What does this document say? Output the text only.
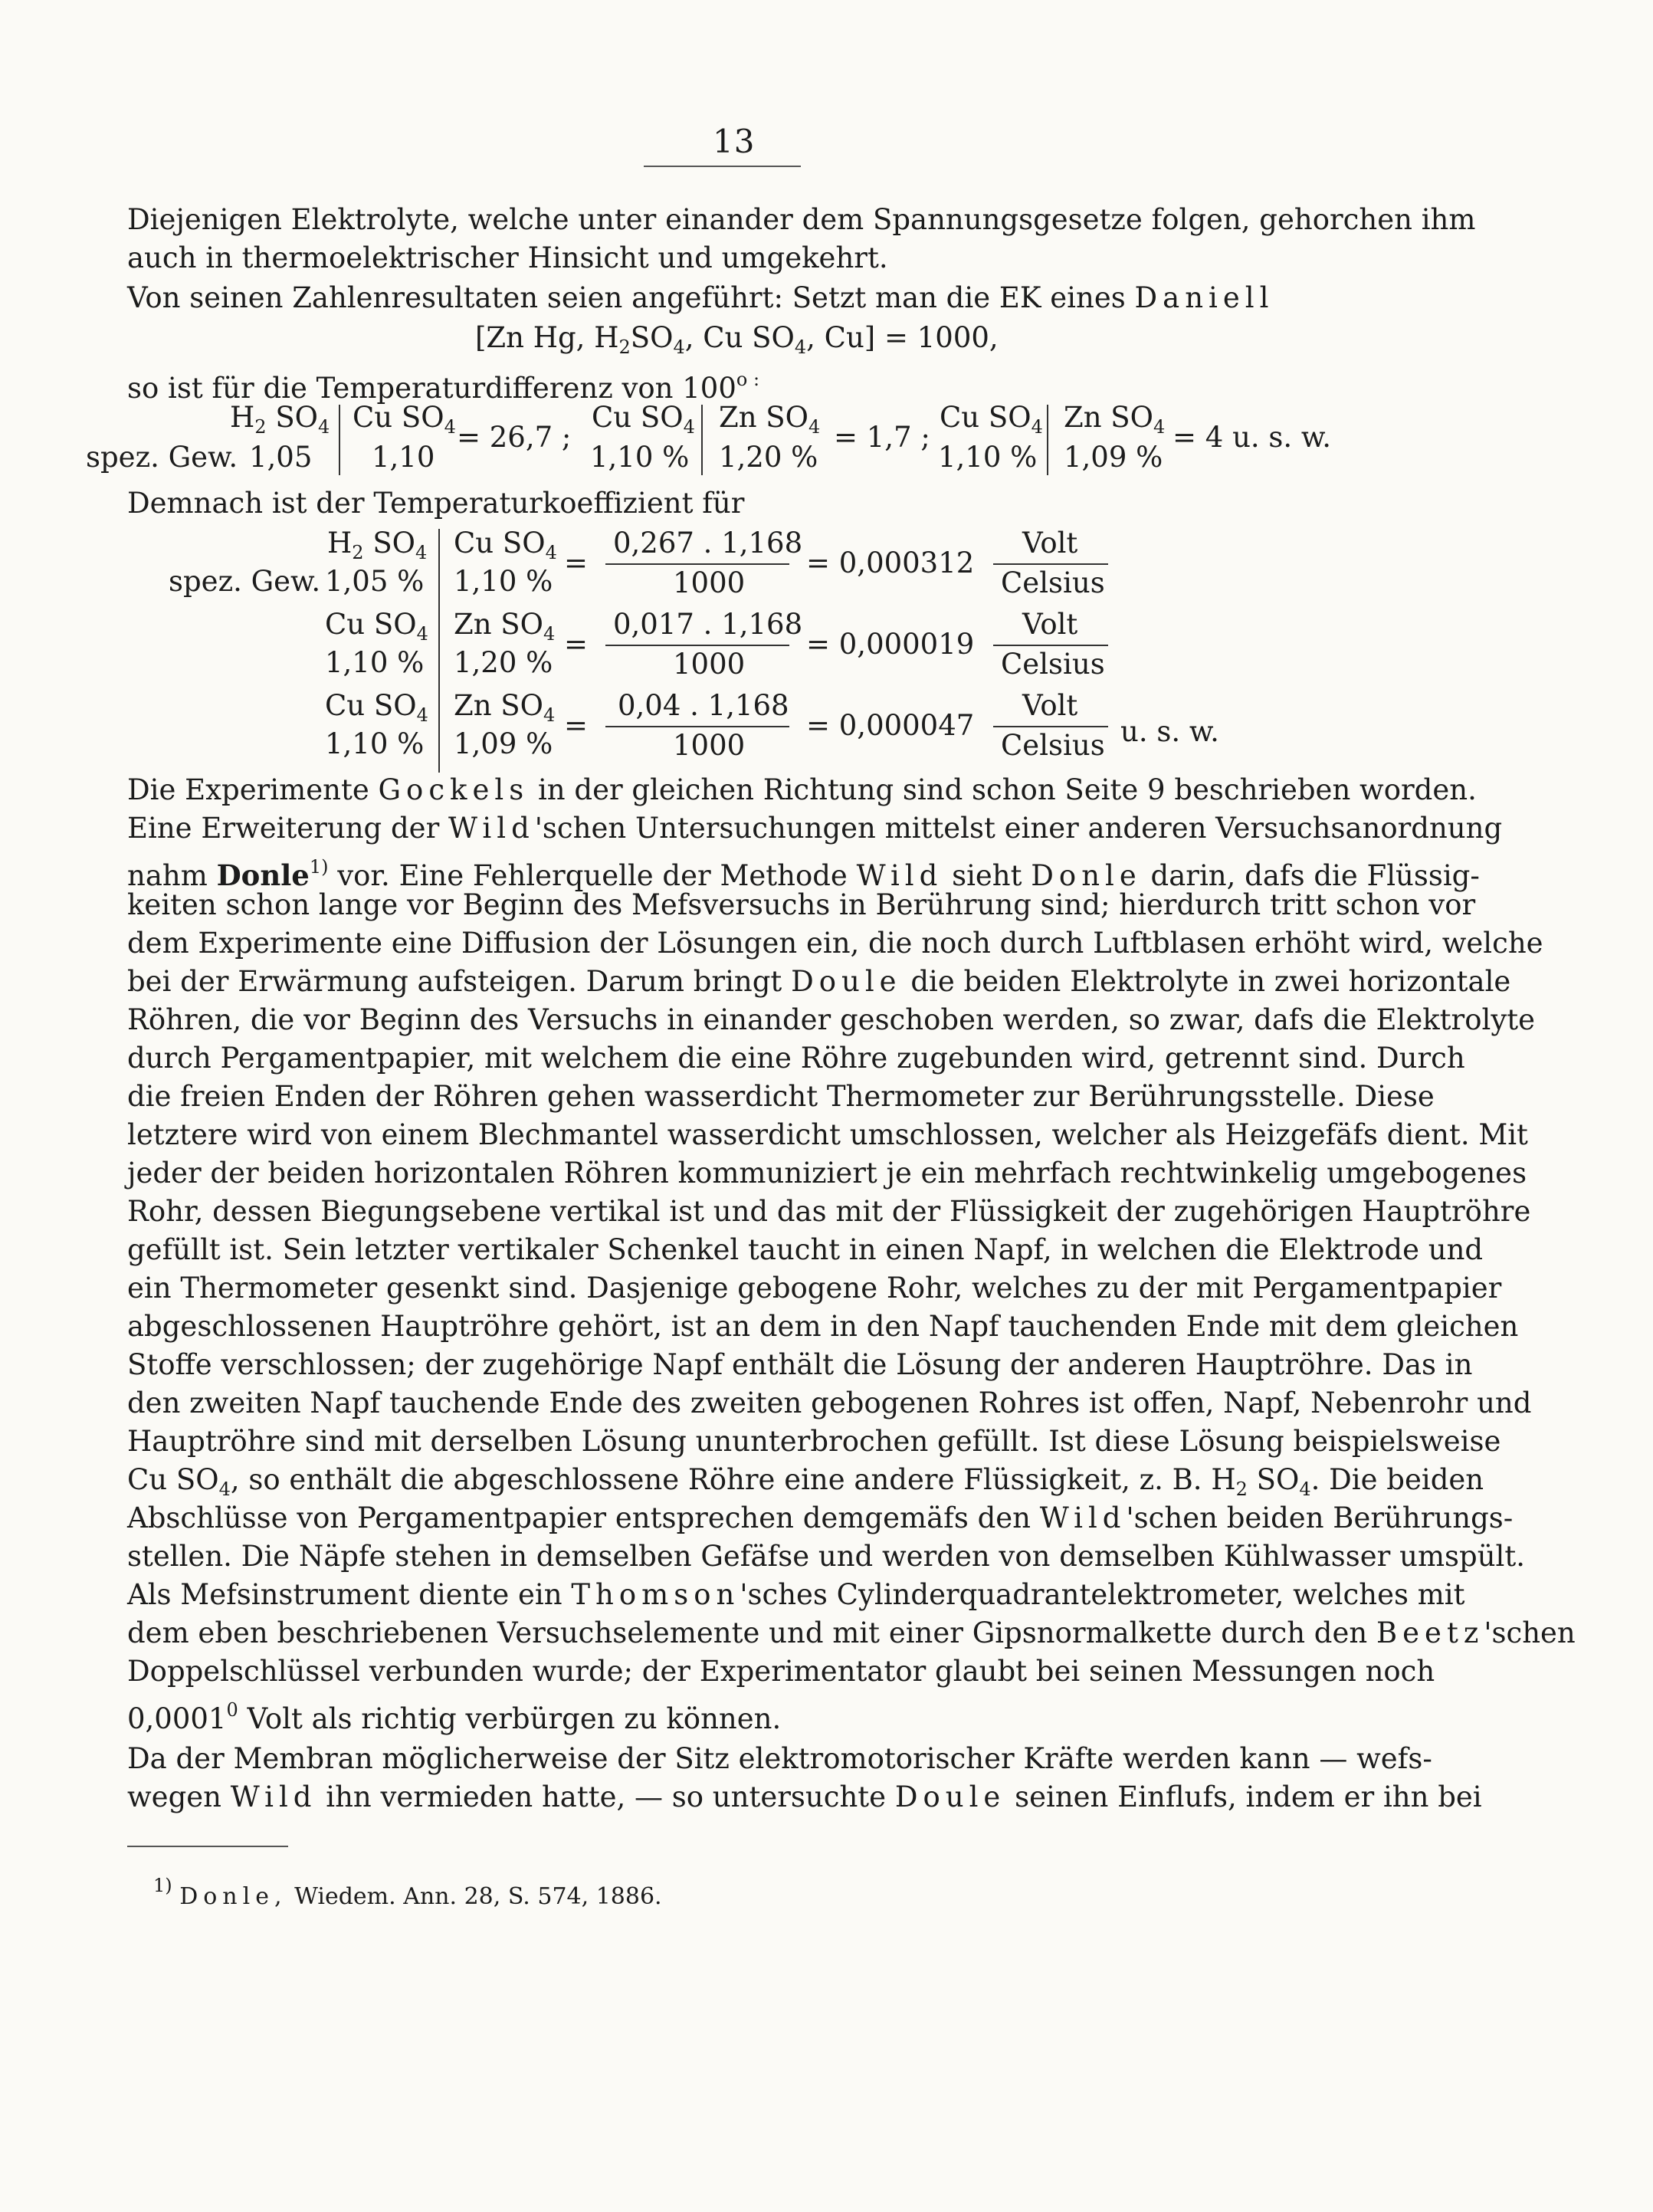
13
Diejenigen Elektrolyte, welche unter einander dem Spannungsgesetze folgen, gehorchen ihm
auch in thermoelektrischer Hinsicht und umgekehrt.
Von seinen Zahlenresultaten seien angeführt: Setzt man die EK eines Daniell
[Zn Hg, $H_2SO_4$, Cu $SO_4$, Cu] = 1000,
so ist für die Temperaturdifferenz von $100^{o :}$
$H_2$ $SO_4$
spez. Gew. 1,05
Cu $SO_4$
1,10
= 26,7 ;
Cu $SO_4$
1,10 %
Zn $SO_4$
1,20 %
= 1,7 ;
Cu $SO_4$
1,10 %
Zn $SO_4$
1,09 %
= 4 u. s. w.
Demnach ist der Temperaturkoeffizient für
$H_2$ $SO_4$
spez. Gew. 1,05 %
Cu $SO_4$
1,10 %
=
0,267 . 1,168
1000
= 0,000312
Volt
Celsius
Cu $SO_4$
1,10 %
Zn $SO_4$
1,20 %
=
0,017 . 1,168
1000
= 0,000019
Volt
Celsius
Cu $SO_4$
1,10 %
Zn $SO_4$
1,09 %
=
0,04 . 1,168
1000
= 0,000047
Volt
Celsius u. s. w.
Die Experimente Gockels in der gleichen Richtung sind schon Seite 9 beschrieben worden.
Eine Erweiterung der Wild'schen Untersuchungen mittelst einer anderen Versuchsanordnung
nahm Donle$^{1)}$ vor. Eine Fehlerquelle der Methode Wild sieht Donle darin, dafs die Flüssig-
keiten schon lange vor Beginn des Mefsversuchs in Berührung sind; hierdurch tritt schon vor
dem Experimente eine Diffusion der Lösungen ein, die noch durch Luftblasen erhöht wird, welche
bei der Erwärmung aufsteigen. Darum bringt Doule die beiden Elektrolyte in zwei horizontale
Röhren, die vor Beginn des Versuchs in einander geschoben werden, so zwar, dafs die Elektrolyte
durch Pergamentpapier, mit welchem die eine Röhre zugebunden wird, getrennt sind. Durch
die freien Enden der Röhren gehen wasserdicht Thermometer zur Berührungsstelle. Diese
letztere wird von einem Blechmantel wasserdicht umschlossen, welcher als Heizgefäfs dient. Mit
jeder der beiden horizontalen Röhren kommuniziert je ein mehrfach rechtwinkelig umgebogenes
Rohr, dessen Biegungsebene vertikal ist und das mit der Flüssigkeit der zugehörigen Hauptröhre
gefüllt ist. Sein letzter vertikaler Schenkel taucht in einen Napf, in welchen die Elektrode und
ein Thermometer gesenkt sind. Dasjenige gebogene Rohr, welches zu der mit Pergamentpapier
abgeschlossenen Hauptröhre gehört, ist an dem in den Napf tauchenden Ende mit dem gleichen
Stoffe verschlossen; der zugehörige Napf enthält die Lösung der anderen Hauptröhre. Das in
den zweiten Napf tauchende Ende des zweiten gebogenen Rohres ist offen, Napf, Nebenrohr und
Hauptröhre sind mit derselben Lösung ununterbrochen gefüllt. Ist diese Lösung beispielsweise
Cu $SO_4$, so enthält die abgeschlossene Röhre eine andere Flüssigkeit, z. B. $H_2$ $SO_4$. Die beiden
Abschlüsse von Pergamentpapier entsprechen demgemäfs den Wild'schen beiden Berührungs-
stellen. Die Näpfe stehen in demselben Gefäfse und werden von demselben Kühlwasser umspült.
Als Mefsinstrument diente ein Thomson'sches Cylinderquadrantelektrometer, welches mit
dem eben beschriebenen Versuchselemente und mit einer Gipsnormalkette durch den Beetz'schen
Doppelschlüssel verbunden wurde; der Experimentator glaubt bei seinen Messungen noch
0,0001$^0$ Volt als richtig verbürgen zu können.
Da der Membran möglicherweise der Sitz elektromotorischer Kräfte werden kann — wefs-
wegen Wild ihn vermieden hatte, — so untersuchte Doule seinen Einflufs, indem er ihn bei
$^{1)}$ Donle, Wiedem. Ann. 28, S. 574, 1886.
